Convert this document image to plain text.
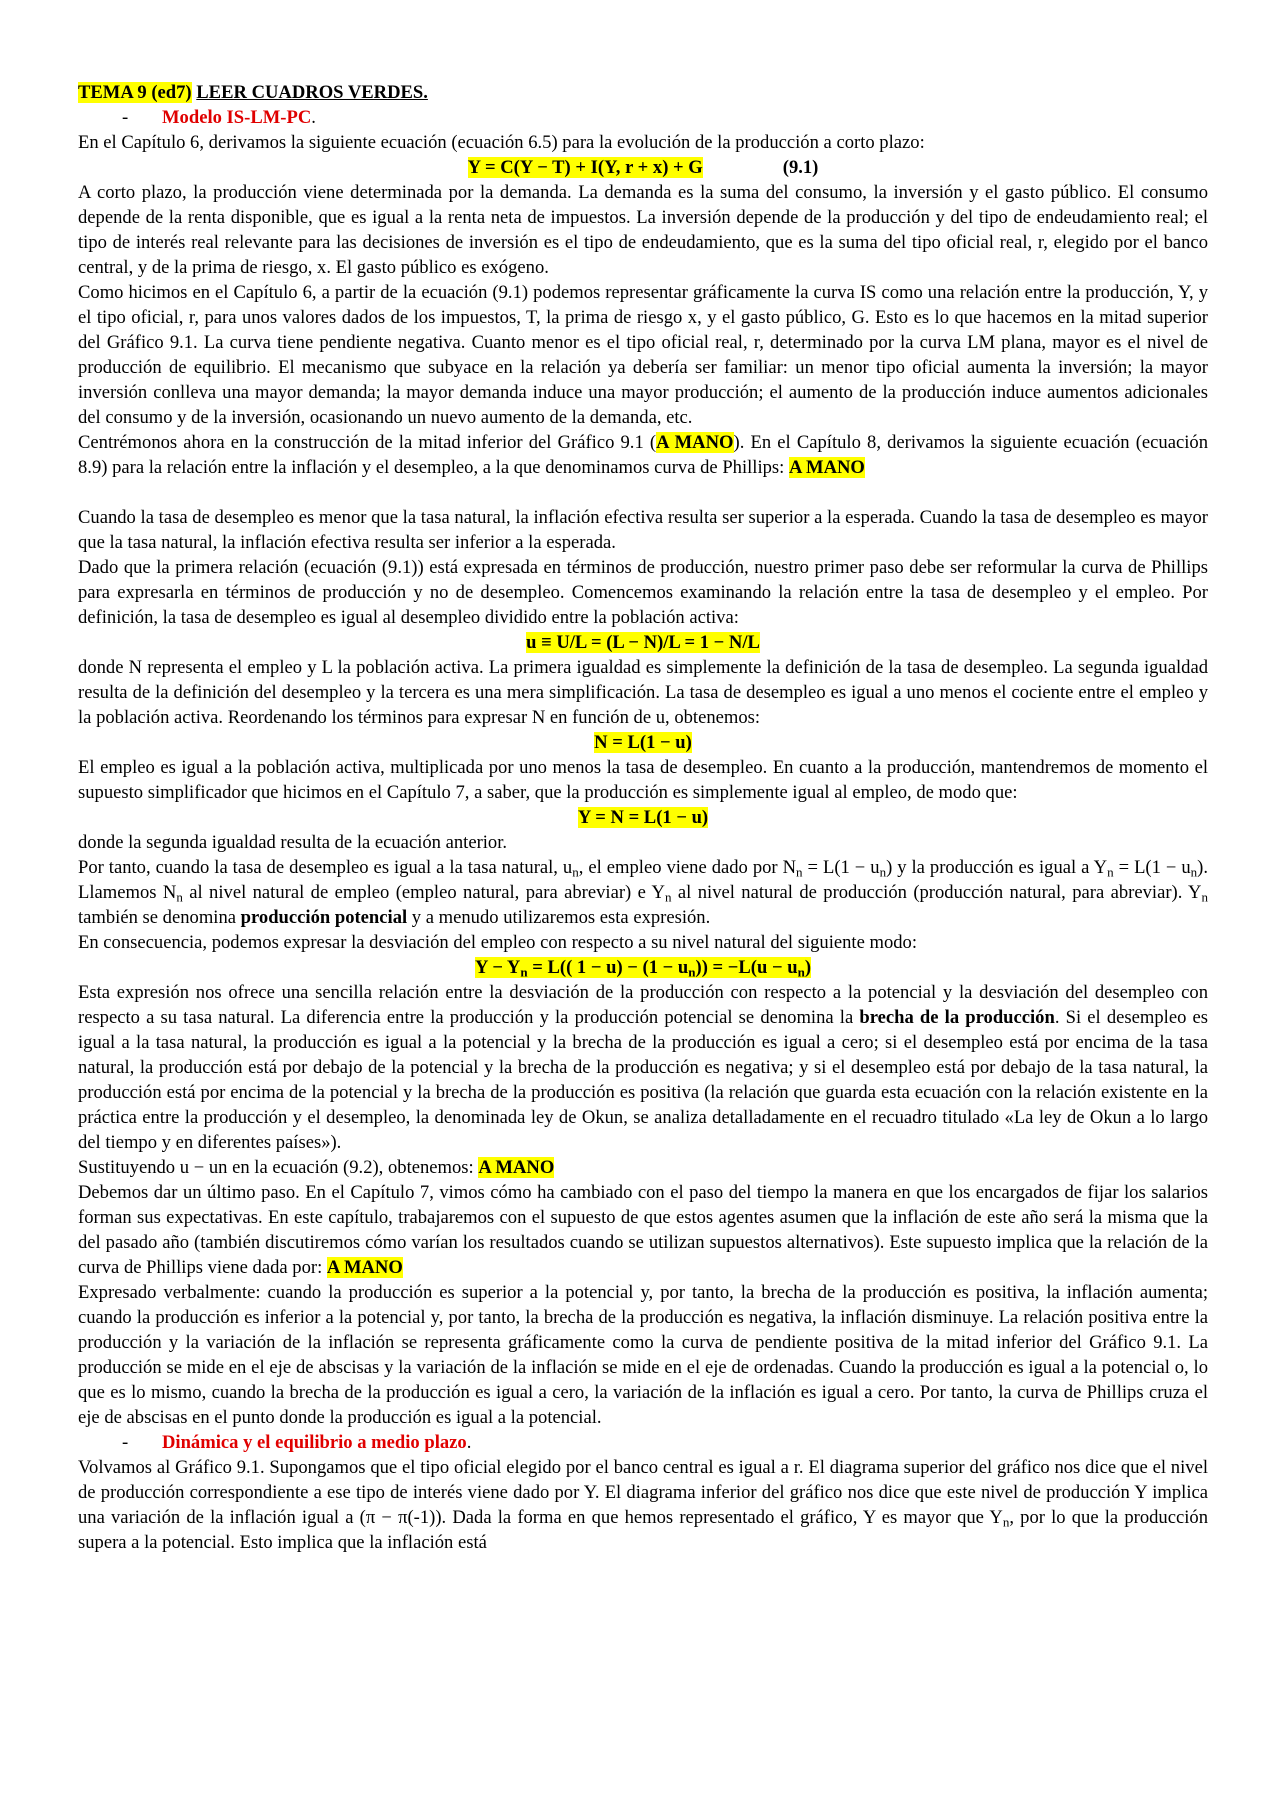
TEMA 9 (ed7) LEER CUADROS VERDES.

- Modelo IS-LM-PC.

En el Capítulo 6, derivamos la siguiente ecuación (ecuación 6.5) para la evolución de la producción a corto plazo:

Y = C(Y − T) + I(Y, r + x) + G	(9.1)

A corto plazo, la producción viene determinada por la demanda. La demanda es la suma del consumo, la inversión y el gasto público. El consumo depende de la renta disponible, que es igual a la renta neta de impuestos. La inversión depende de la producción y del tipo de endeudamiento real; el tipo de interés real relevante para las decisiones de inversión es el tipo de endeudamiento, que es la suma del tipo oficial real, r, elegido por el banco central, y de la prima de riesgo, x. El gasto público es exógeno.

Como hicimos en el Capítulo 6, a partir de la ecuación (9.1) podemos representar gráficamente la curva IS como una relación entre la producción, Y, y el tipo oficial, r, para unos valores dados de los impuestos, T, la prima de riesgo x, y el gasto público, G. Esto es lo que hacemos en la mitad superior del Gráfico 9.1. La curva tiene pendiente negativa. Cuanto menor es el tipo oficial real, r, determinado por la curva LM plana, mayor es el nivel de producción de equilibrio. El mecanismo que subyace en la relación ya debería ser familiar: un menor tipo oficial aumenta la inversión; la mayor inversión conlleva una mayor demanda; la mayor demanda induce una mayor producción; el aumento de la producción induce aumentos adicionales del consumo y de la inversión, ocasionando un nuevo aumento de la demanda, etc.

Centrémonos ahora en la construcción de la mitad inferior del Gráfico 9.1 (A MANO). En el Capítulo 8, derivamos la siguiente ecuación (ecuación 8.9) para la relación entre la inflación y el desempleo, a la que denominamos curva de Phillips: A MANO

Cuando la tasa de desempleo es menor que la tasa natural, la inflación efectiva resulta ser superior a la esperada. Cuando la tasa de desempleo es mayor que la tasa natural, la inflación efectiva resulta ser inferior a la esperada.

Dado que la primera relación (ecuación (9.1)) está expresada en términos de producción, nuestro primer paso debe ser reformular la curva de Phillips para expresarla en términos de producción y no de desempleo. Comencemos examinando la relación entre la tasa de desempleo y el empleo. Por definición, la tasa de desempleo es igual al desempleo dividido entre la población activa:

u ≡ U/L = (L − N)/L = 1 − N/L

donde N representa el empleo y L la población activa. La primera igualdad es simplemente la definición de la tasa de desempleo. La segunda igualdad resulta de la definición del desempleo y la tercera es una mera simplificación. La tasa de desempleo es igual a uno menos el cociente entre el empleo y la población activa. Reordenando los términos para expresar N en función de u, obtenemos:

N = L(1 − u)

El empleo es igual a la población activa, multiplicada por uno menos la tasa de desempleo. En cuanto a la producción, mantendremos de momento el supuesto simplificador que hicimos en el Capítulo 7, a saber, que la producción es simplemente igual al empleo, de modo que:

Y = N = L(1 − u)

donde la segunda igualdad resulta de la ecuación anterior.

Por tanto, cuando la tasa de desempleo es igual a la tasa natural, $u_n$, el empleo viene dado por $N_n = L(1 - u_n)$ y la producción es igual a $Y_n = L(1 - u_n)$. Llamemos $N_n$ al nivel natural de empleo (empleo natural, para abreviar) e $Y_n$ al nivel natural de producción (producción natural, para abreviar). $Y_n$ también se denomina producción potencial y a menudo utilizaremos esta expresión.

En consecuencia, podemos expresar la desviación del empleo con respecto a su nivel natural del siguiente modo:

$Y - Y_n = L$(( $1 - u) - (1 - u_n)) = -L(u - u_n)$

Esta expresión nos ofrece una sencilla relación entre la desviación de la producción con respecto a la potencial y la desviación del desempleo con respecto a su tasa natural. La diferencia entre la producción y la producción potencial se denomina la brecha de la producción. Si el desempleo es igual a la tasa natural, la producción es igual a la potencial y la brecha de la producción es igual a cero; si el desempleo está por encima de la tasa natural, la producción está por debajo de la potencial y la brecha de la producción es negativa; y si el desempleo está por debajo de la tasa natural, la producción está por encima de la potencial y la brecha de la producción es positiva (la relación que guarda esta ecuación con la relación existente en la práctica entre la producción y el desempleo, la denominada ley de Okun, se analiza detalladamente en el recuadro titulado «La ley de Okun a lo largo del tiempo y en diferentes países»).

Sustituyendo u − un en la ecuación (9.2), obtenemos: A MANO

Debemos dar un último paso. En el Capítulo 7, vimos cómo ha cambiado con el paso del tiempo la manera en que los encargados de fijar los salarios forman sus expectativas. En este capítulo, trabajaremos con el supuesto de que estos agentes asumen que la inflación de este año será la misma que la del pasado año (también discutiremos cómo varían los resultados cuando se utilizan supuestos alternativos). Este supuesto implica que la relación de la curva de Phillips viene dada por: A MANO

Expresado verbalmente: cuando la producción es superior a la potencial y, por tanto, la brecha de la producción es positiva, la inflación aumenta; cuando la producción es inferior a la potencial y, por tanto, la brecha de la producción es negativa, la inflación disminuye. La relación positiva entre la producción y la variación de la inflación se representa gráficamente como la curva de pendiente positiva de la mitad inferior del Gráfico 9.1. La producción se mide en el eje de abscisas y la variación de la inflación se mide en el eje de ordenadas. Cuando la producción es igual a la potencial o, lo que es lo mismo, cuando la brecha de la producción es igual a cero, la variación de la inflación es igual a cero. Por tanto, la curva de Phillips cruza el eje de abscisas en el punto donde la producción es igual a la potencial.

- Dinámica y el equilibrio a medio plazo.

Volvamos al Gráfico 9.1. Supongamos que el tipo oficial elegido por el banco central es igual a r. El diagrama superior del gráfico nos dice que el nivel de producción correspondiente a ese tipo de interés viene dado por Y. El diagrama inferior del gráfico nos dice que este nivel de producción Y implica una variación de la inflación igual a (π − π(-1)). Dada la forma en que hemos representado el gráfico, Y es mayor que $Y_n$, por lo que la producción supera a la potencial. Esto implica que la inflación está
